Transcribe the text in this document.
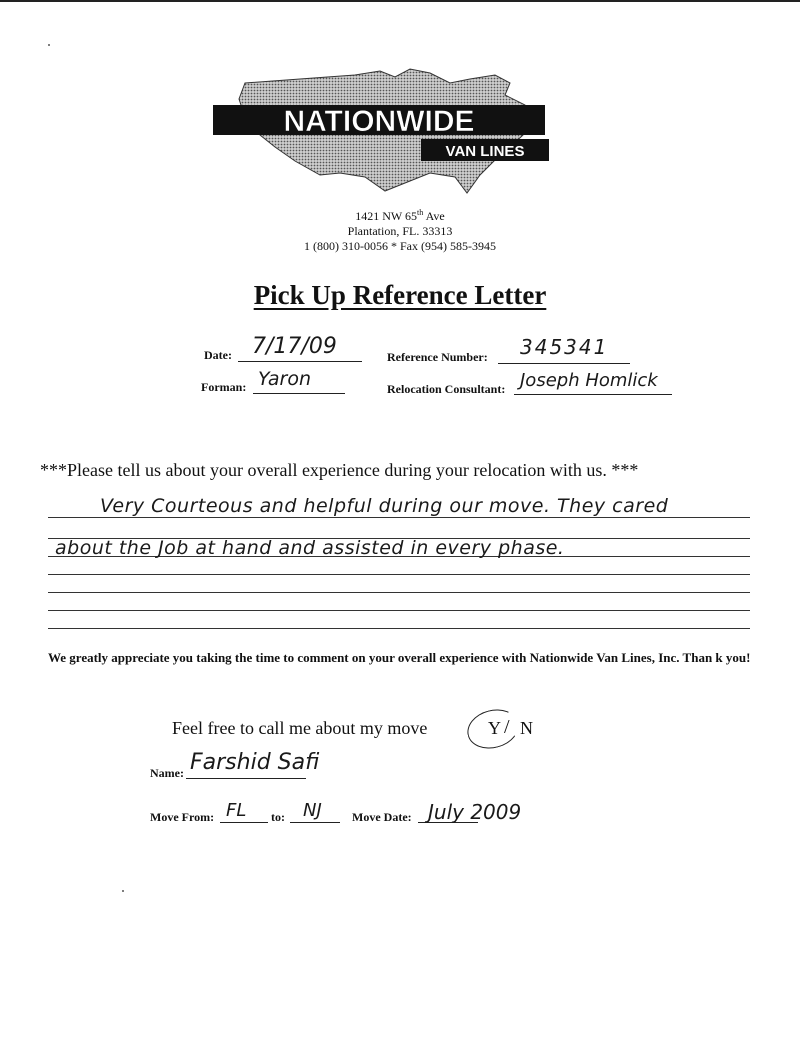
NATIONWIDE
VAN LINES
1421 NW 65th Ave
Plantation, FL. 33313
1 (800) 310-0056 * Fax (954) 585-3945
Pick Up Reference Letter
Date: 7/17/09	Reference Number: 345341
Forman: Yaron	Relocation Consultant: Joseph Homlick
***Please tell us about your overall experience during your relocation with us. ***
Very Courteous and helpful during our move. They cared
about the Job at hand and assisted in every phase.
We greatly appreciate you taking the time to comment on your overall experience with Nationwide Van Lines, Inc. Than k you!
Feel free to call me about my move	Y / N
Name: Farshid Safi
Move From: FL to: NJ	Move Date: July 2009
